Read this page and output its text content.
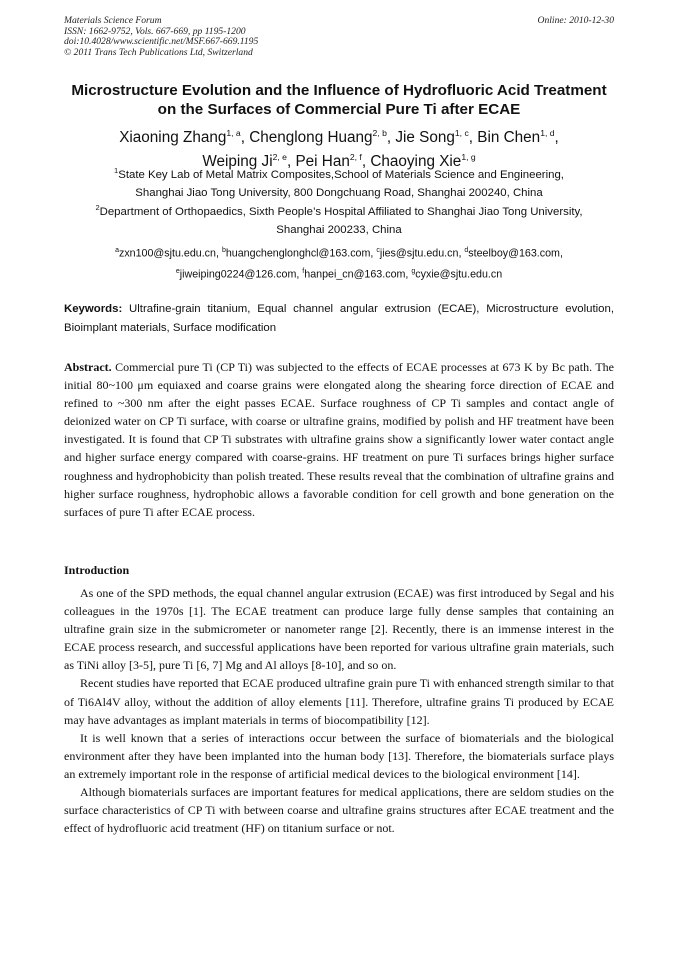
Materials Science Forum
ISSN: 1662-9752, Vols. 667-669, pp 1195-1200
doi:10.4028/www.scientific.net/MSF.667-669.1195
© 2011 Trans Tech Publications Ltd, Switzerland
Online: 2010-12-30
Microstructure Evolution and the Influence of Hydrofluoric Acid Treatment on the Surfaces of Commercial Pure Ti after ECAE
Xiaoning Zhang$^{1, a}$, Chenglong Huang$^{2, b}$, Jie Song$^{1, c}$, Bin Chen$^{1, d}$,
Weiping Ji$^{2, e}$, Pei Han$^{2, f}$, Chaoying Xie$^{1, g}$
$^1$State Key Lab of Metal Matrix Composites,School of Materials Science and Engineering,
Shanghai Jiao Tong University, 800 Dongchuang Road, Shanghai 200240, China
$^2$Department of Orthopaedics, Sixth People’s Hospital Affiliated to Shanghai Jiao Tong University,
Shanghai 200233, China
$^a$zxn100@sjtu.edu.cn, $^b$huangchenglonghcl@163.com, $^c$jies@sjtu.edu.cn, $^d$steelboy@163.com,
$^e$jiweiping0224@126.com, $^f$hanpei_cn@163.com, $^g$cyxie@sjtu.edu.cn
Keywords: Ultrafine-grain titanium, Equal channel angular extrusion (ECAE), Microstructure evolution, Bioimplant materials, Surface modification
Abstract. Commercial pure Ti (CP Ti) was subjected to the effects of ECAE processes at 673 K by Bc path. The initial 80~100 μm equiaxed and coarse grains were elongated along the shearing force direction of ECAE and refined to ~300 nm after the eight passes ECAE. Surface roughness of CP Ti samples and contact angle of deionized water on CP Ti surface, with coarse or ultrafine grains, modified by polish and HF treatment have been investigated. It is found that CP Ti substrates with ultrafine grains show a significantly lower water contact angle and higher surface energy compared with coarse-grains. HF treatment on pure Ti surfaces brings higher surface roughness and hydrophobicity than polish treated. These results reveal that the combination of ultrafine grains and higher surface roughness, hydrophobic allows a favorable condition for cell growth and bone generation on the surfaces of pure Ti after ECAE process.
Introduction

As one of the SPD methods, the equal channel angular extrusion (ECAE) was first introduced by Segal and his colleagues in the 1970s [1]. The ECAE treatment can produce large fully dense samples that containing an ultrafine grain size in the submicrometer or nanometer range [2]. Recently, there is an immense interest in the ECAE process research, and successful applications have been reported for various ultrafine grain materials, such as TiNi alloy [3-5], pure Ti [6, 7] Mg and Al alloys [8-10], and so on.

Recent studies have reported that ECAE produced ultrafine grain pure Ti with enhanced strength similar to that of Ti6Al4V alloy, without the addition of alloy elements [11]. Therefore, ultrafine grains Ti produced by ECAE may have advantages as implant materials in terms of biocompatibility [12].

It is well known that a series of interactions occur between the surface of biomaterials and the biological environment after they have been implanted into the human body [13]. Therefore, the biomaterials surface plays an extremely important role in the response of artificial medical devices to the biological environment [14].

Although biomaterials surfaces are important features for medical applications, there are seldom studies on the surface characteristics of CP Ti with between coarse and ultrafine grains structures after ECAE treatment and the effect of hydrofluoric acid treatment (HF) on titanium surface or not.
